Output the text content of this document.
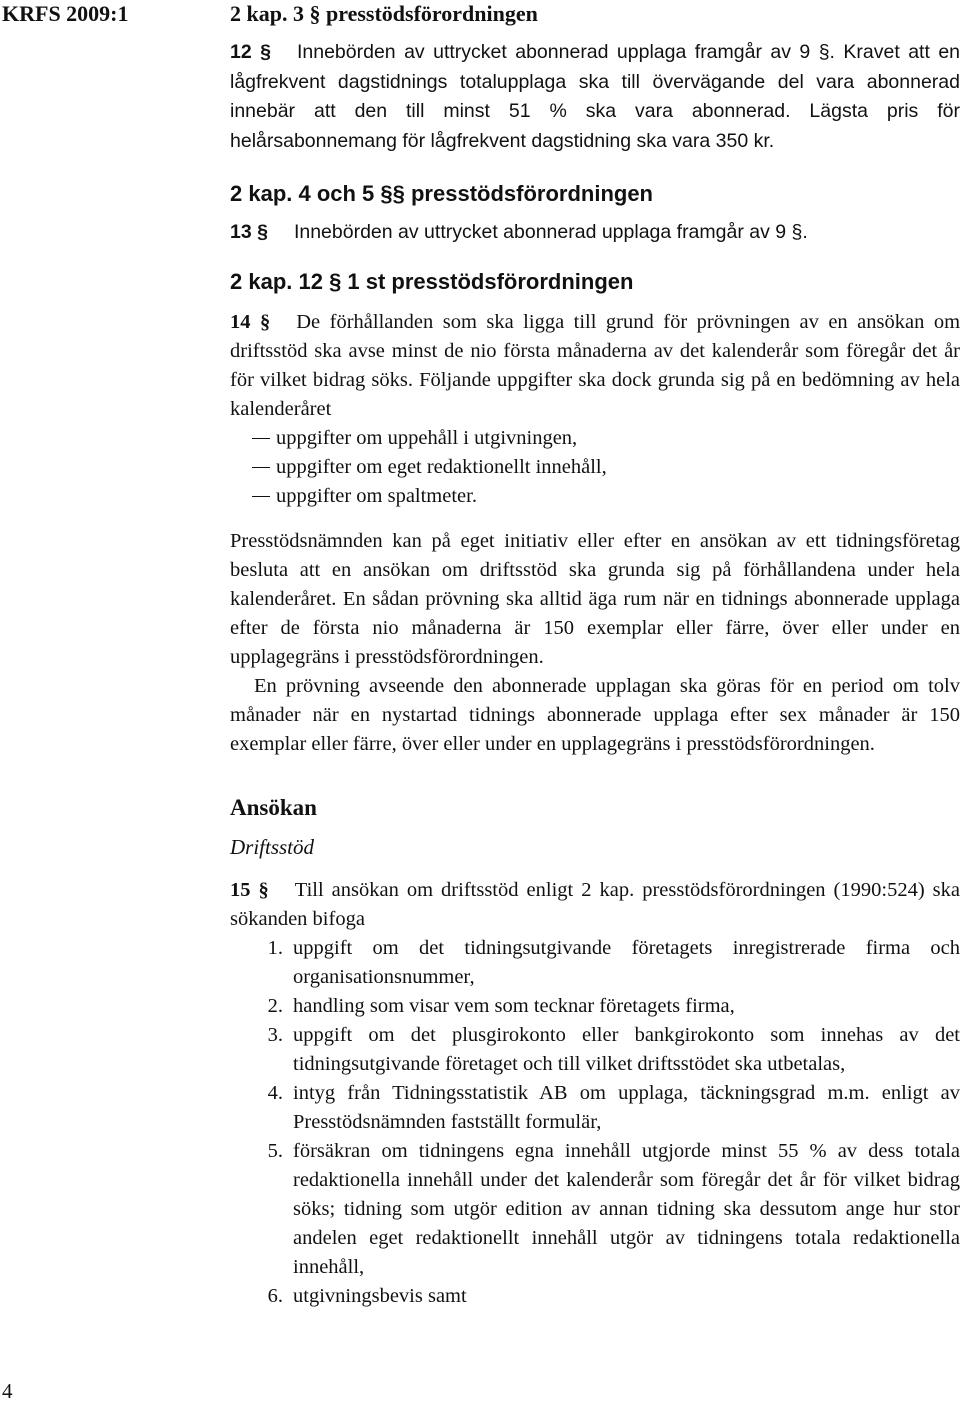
KRFS 2009:1
4

2 kap. 3 § presstödsförordningen

12 § Innebörden av uttrycket abonnerad upplaga framgår av 9 §. Kravet att en lågfrekvent dagstidnings totalupplaga ska till övervägande del vara abonnerad innebär att den till minst 51 % ska vara abonnerad. Lägsta pris för helårsabonnemang för lågfrekvent dagstidning ska vara 350 kr.

2 kap. 4 och 5 §§ presstödsförordningen

13 § Innebörden av uttrycket abonnerad upplaga framgår av 9 §.

2 kap. 12 § 1 st presstödsförordningen

14 § De förhållanden som ska ligga till grund för prövningen av en ansökan om driftsstöd ska avse minst de nio första månaderna av det kalenderår som föregår det år för vilket bidrag söks. Följande uppgifter ska dock grunda sig på en bedömning av hela kalenderåret

uppgifter om uppehåll i utgivningen,

uppgifter om eget redaktionellt innehåll,

uppgifter om spaltmeter.

Presstödsnämnden kan på eget initiativ eller efter en ansökan av ett tidningsföretag besluta att en ansökan om driftsstöd ska grunda sig på förhållandena under hela kalenderåret. En sådan prövning ska alltid äga rum när en tidnings abonnerade upplaga efter de första nio månaderna är 150 exemplar eller färre, över eller under en upplagegräns i presstödsförordningen.

En prövning avseende den abonnerade upplagan ska göras för en period om tolv månader när en nystartad tidnings abonnerade upplaga efter sex månader är 150 exemplar eller färre, över eller under en upplagegräns i presstödsförordningen.

Ansökan

Driftsstöd

15 § Till ansökan om driftsstöd enligt 2 kap. presstödsförordningen (1990:524) ska sökanden bifoga

1. uppgift om det tidningsutgivande företagets inregistrerade firma och organisationsnummer,
2. handling som visar vem som tecknar företagets firma,
3. uppgift om det plusgirokonto eller bankgirokonto som innehas av det tidningsutgivande företaget och till vilket driftsstödet ska utbetalas,
4. intyg från Tidningsstatistik AB om upplaga, täckningsgrad m.m. enligt av Presstödsnämnden fastställt formulär,
5. försäkran om tidningens egna innehåll utgjorde minst 55 % av dess totala redaktionella innehåll under det kalenderår som föregår det år för vilket bidrag söks; tidning som utgör edition av annan tidning ska dessutom ange hur stor andelen eget redaktionellt innehåll utgör av tidningens totala redaktionella innehåll,
6. utgivningsbevis samt
